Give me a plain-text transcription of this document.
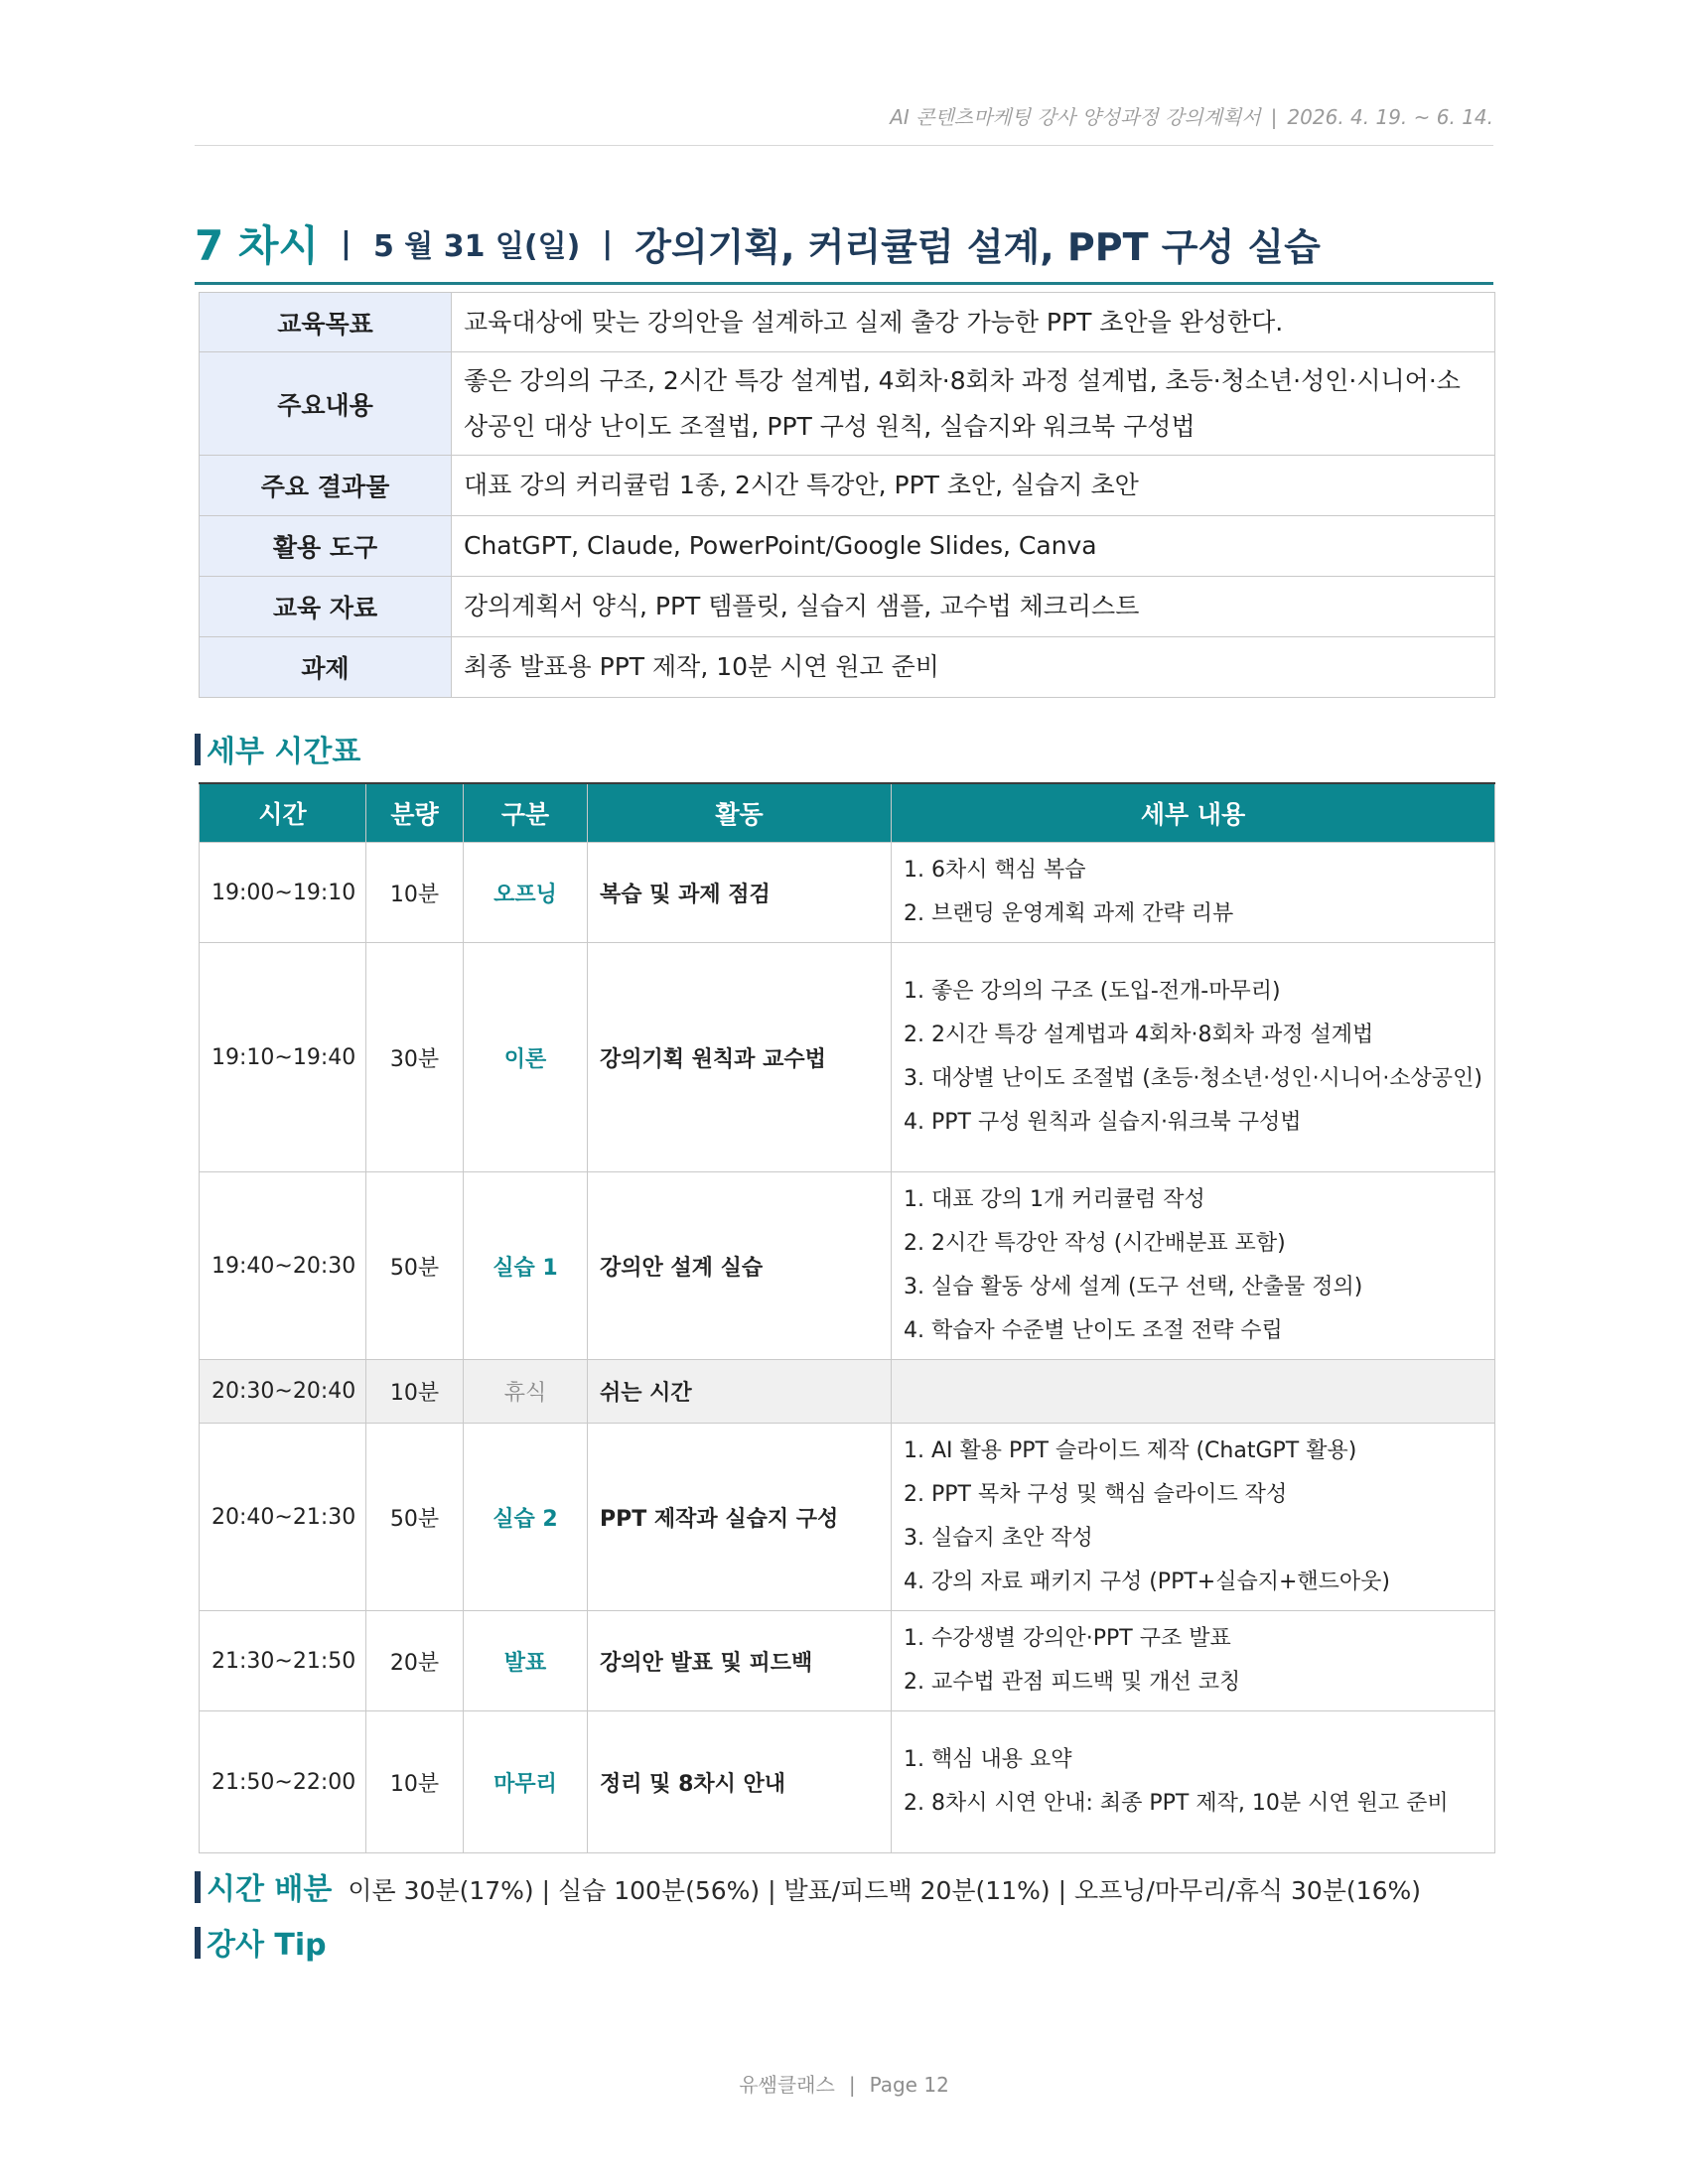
AI 콘텐츠마케팅 강사 양성과정 강의계획서 | 2026. 4. 19. ~ 6. 14.
7 차시 | 5 월 31 일(일) | 강의기획, 커리큘럼 설계, PPT 구성 실습
교육목표	교육대상에 맞는 강의안을 설계하고 실제 출강 가능한 PPT 초안을 완성한다.
주요내용	좋은 강의의 구조, 2시간 특강 설계법, 4회차·8회차 과정 설계법, 초등·청소년·성인·시니어·소상공인 대상 난이도 조절법, PPT 구성 원칙, 실습지와 워크북 구성법
주요 결과물	대표 강의 커리큘럼 1종, 2시간 특강안, PPT 초안, 실습지 초안
활용 도구	ChatGPT, Claude, PowerPoint/Google Slides, Canva
교육 자료	강의계획서 양식, PPT 템플릿, 실습지 샘플, 교수법 체크리스트
과제	최종 발표용 PPT 제작, 10분 시연 원고 준비
세부 시간표
시간	분량	구분	활동	세부 내용
19:00~19:10	10분	오프닝	복습 및 과제 점검	1. 6차시 핵심 복습
2. 브랜딩 운영계획 과제 간략 리뷰

19:10~19:40	30분	이론	강의기획 원칙과 교수법	1. 좋은 강의의 구조 (도입-전개-마무리)
2. 2시간 특강 설계법과 4회차·8회차 과정 설계법
3. 대상별 난이도 조절법 (초등·청소년·성인·시니어·소상공인)
4. PPT 구성 원칙과 실습지·워크북 구성법

19:40~20:30	50분	실습 1	강의안 설계 실습	1. 대표 강의 1개 커리큘럼 작성
2. 2시간 특강안 작성 (시간배분표 포함)
3. 실습 활동 상세 설계 (도구 선택, 산출물 정의)
4. 학습자 수준별 난이도 조절 전략 수립

20:30~20:40	10분	휴식	쉬는 시간	
20:40~21:30	50분	실습 2	PPT 제작과 실습지 구성	1. AI 활용 PPT 슬라이드 제작 (ChatGPT 활용)
2. PPT 목차 구성 및 핵심 슬라이드 작성
3. 실습지 초안 작성
4. 강의 자료 패키지 구성 (PPT+실습지+핸드아웃)

21:30~21:50	20분	발표	강의안 발표 및 피드백	1. 수강생별 강의안·PPT 구조 발표
2. 교수법 관점 피드백 및 개선 코칭

21:50~22:00	10분	마무리	정리 및 8차시 안내	1. 핵심 내용 요약
2. 8차시 시연 안내: 최종 PPT 제작, 10분 시연 원고 준비
시간 배분 이론 30분(17%) | 실습 100분(56%) | 발표/피드백 20분(11%) | 오프닝/마무리/휴식 30분(16%)
강사 Tip
유쌤클래스 | Page 12
